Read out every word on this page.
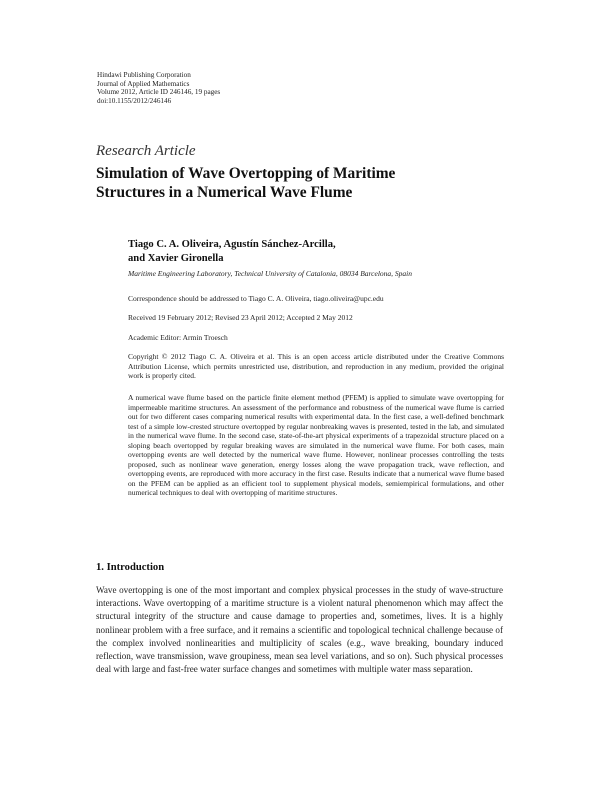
Hindawi Publishing Corporation
Journal of Applied Mathematics
Volume 2012, Article ID 246146, 19 pages
doi:10.1155/2012/246146
Research Article
Simulation of Wave Overtopping of Maritime
Structures in a Numerical Wave Flume
Tiago C. A. Oliveira, Agustín Sánchez-Arcilla,
and Xavier Gironella
Maritime Engineering Laboratory, Technical University of Catalonia, 08034 Barcelona, Spain
Correspondence should be addressed to Tiago C. A. Oliveira, tiago.oliveira@upc.edu
Received 19 February 2012; Revised 23 April 2012; Accepted 2 May 2012
Academic Editor: Armin Troesch
Copyright © 2012 Tiago C. A. Oliveira et al. This is an open access article distributed under the Creative Commons Attribution License, which permits unrestricted use, distribution, and reproduction in any medium, provided the original work is properly cited.

A numerical wave flume based on the particle finite element method (PFEM) is applied to simulate wave overtopping for impermeable maritime structures. An assessment of the performance and robustness of the numerical wave flume is carried out for two different cases comparing numerical results with experimental data. In the first case, a well-defined benchmark test of a simple low-crested structure overtopped by regular nonbreaking waves is presented, tested in the lab, and simulated in the numerical wave flume. In the second case, state-of-the-art physical experiments of a trapezoidal structure placed on a sloping beach overtopped by regular breaking waves are simulated in the numerical wave flume. For both cases, main overtopping events are well detected by the numerical wave flume. However, nonlinear processes controlling the tests proposed, such as nonlinear wave generation, energy losses along the wave propagation track, wave reflection, and overtopping events, are reproduced with more accuracy in the first case. Results indicate that a numerical wave flume based on the PFEM can be applied as an efficient tool to supplement physical models, semiempirical formulations, and other numerical techniques to deal with overtopping of maritime structures.

1. Introduction

Wave overtopping is one of the most important and complex physical processes in the study of wave-structure interactions. Wave overtopping of a maritime structure is a violent natural phenomenon which may affect the structural integrity of the structure and cause damage to properties and, sometimes, lives. It is a highly nonlinear problem with a free surface, and it remains a scientific and topological technical challenge because of the complex involved nonlinearities and multiplicity of scales (e.g., wave breaking, boundary induced reflection, wave transmission, wave groupiness, mean sea level variations, and so on). Such physical processes deal with large and fast-free water surface changes and sometimes with multiple water mass separation.
